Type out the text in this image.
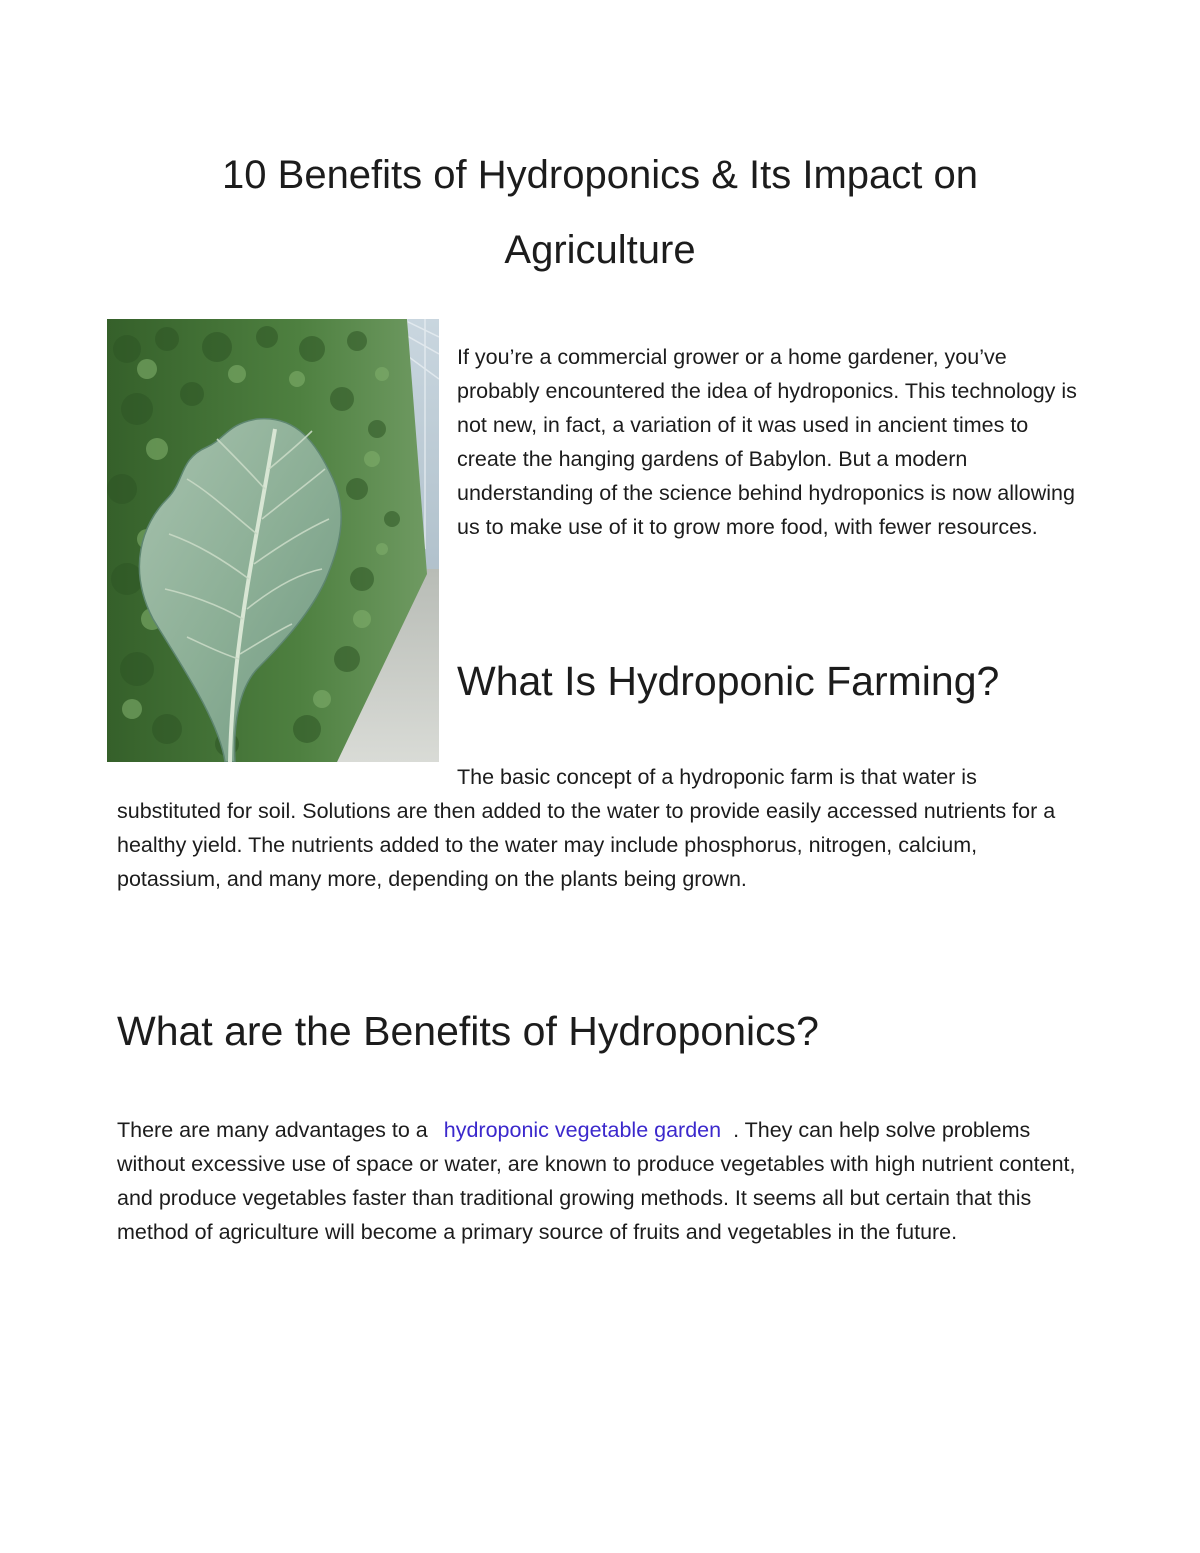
10 Benefits of Hydroponics & Its Impact on Agriculture

If you’re a commercial grower or a home gardener, you’ve probably encountered the idea of hydroponics. This technology is not new, in fact, a variation of it was used in ancient times to create the hanging gardens of Babylon. But a modern understanding of the science behind hydroponics is now allowing us to make use of it to grow more food, with fewer resources.

What Is Hydroponic Farming?

The basic concept of a hydroponic farm is that water is substituted for soil. Solutions are then added to the water to provide easily accessed nutrients for a healthy yield. The nutrients added to the water may include phosphorus, nitrogen, calcium, potassium, and many more, depending on the plants being grown.

What are the Benefits of Hydroponics?

There are many advantages to a hydroponic vegetable garden . They can help solve problems without excessive use of space or water, are known to produce vegetables with high nutrient content, and produce vegetables faster than traditional growing methods. It seems all but certain that this method of agriculture will become a primary source of fruits and vegetables in the future.
